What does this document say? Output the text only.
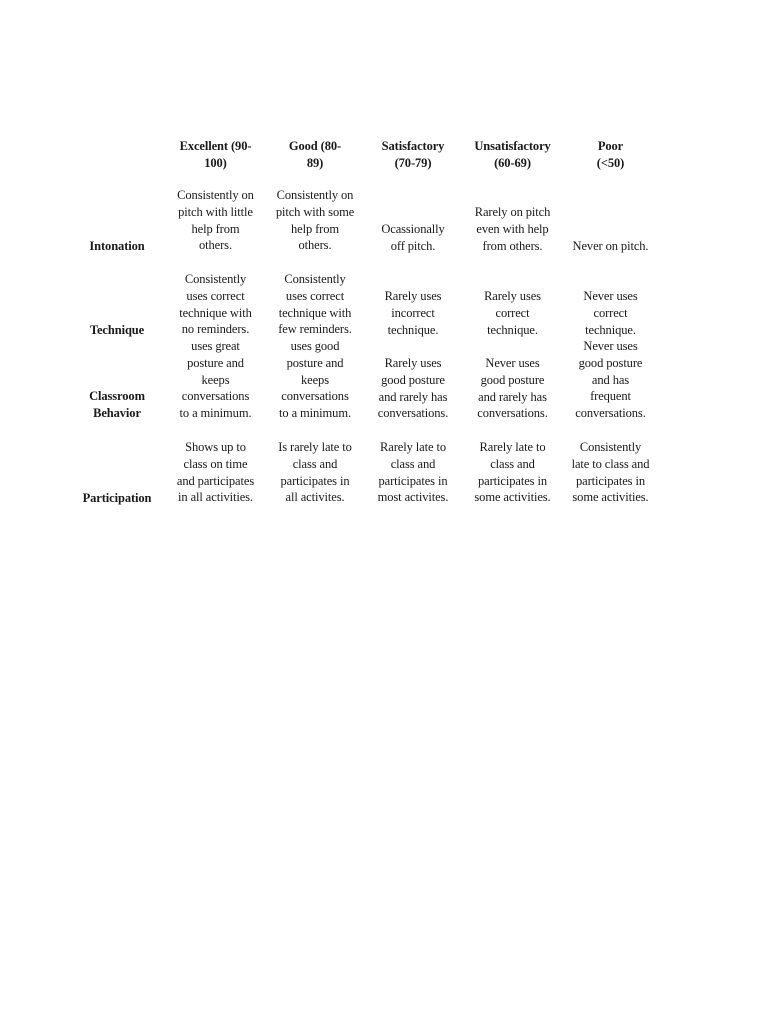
Excellent (90-
100)
Good (80-
89)
Satisfactory
(70-79)
Unsatisfactory
(60-69)
Poor
(<50)
Intonation
Consistently on
pitch with little
help from
others.
Consistently on
pitch with some
help from
others.
Ocassionally
off pitch.
Rarely on pitch
even with help
from others.	Never on pitch.
Technique
Consistently
uses correct
technique with
no reminders.
Consistently
uses correct
technique with
few reminders.
Rarely uses
incorrect
technique.
Rarely uses
correct
technique.
Never uses
correct
technique.
Classroom
Behavior
uses great
posture and
keeps
conversations
to a minimum.
uses good
posture and
keeps
conversations
to a minimum.
Rarely uses
good posture
and rarely has
conversations.
Never uses
good posture
and rarely has
conversations.
Never uses
good posture
and has
frequent
conversations.
Participation
Shows up to
class on time
and participates
in all activities.
Is rarely late to
class and
participates in
all activites.
Rarely late to
class and
participates in
most activites.
Rarely late to
class and
participates in
some activities.
Consistently
late to class and
participates in
some activities.
